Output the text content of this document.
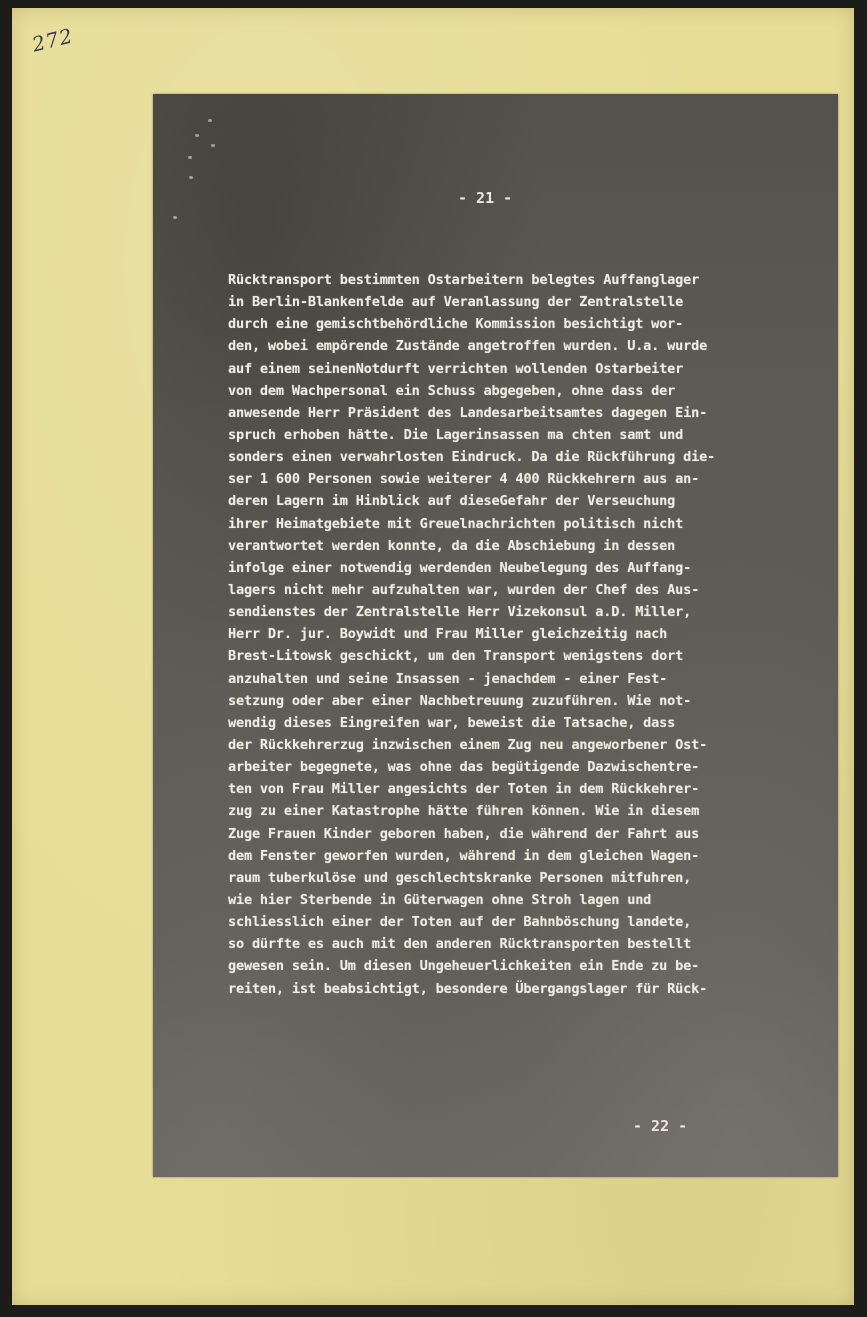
272
- 21 -
Rücktransport bestimmten Ostarbeitern belegtes Auffanglager
in Berlin-Blankenfelde auf Veranlassung der Zentralstelle
durch eine gemischtbehördliche Kommission besichtigt wor-
den, wobei empörende Zustände angetroffen wurden. U.a. wurde
auf einem seinenNotdurft verrichten wollenden Ostarbeiter
von dem Wachpersonal ein Schuss abgegeben, ohne dass der
anwesende Herr Präsident des Landesarbeitsamtes dagegen Ein-
spruch erhoben hätte. Die Lagerinsassen ma chten samt und
sonders einen verwahrlosten Eindruck. Da die Rückführung die-
ser 1 600 Personen sowie weiterer 4 400 Rückkehrern aus an-
deren Lagern im Hinblick auf dieseGefahr der Verseuchung
ihrer Heimatgebiete mit Greuelnachrichten politisch nicht
verantwortet werden konnte, da die Abschiebung in dessen
infolge einer notwendig werdenden Neubelegung des Auffang-
lagers nicht mehr aufzuhalten war, wurden der Chef des Aus-
sendienstes der Zentralstelle Herr Vizekonsul a.D. Miller,
Herr Dr. jur. Boywidt und Frau Miller gleichzeitig nach
Brest-Litowsk geschickt, um den Transport wenigstens dort
anzuhalten und seine Insassen - jenachdem - einer Fest-
setzung oder aber einer Nachbetreuung zuzuführen. Wie not-
wendig dieses Eingreifen war, beweist die Tatsache, dass
der Rückkehrerzug inzwischen einem Zug neu angeworbener Ost-
arbeiter begegnete, was ohne das begütigende Dazwischentre-
ten von Frau Miller angesichts der Toten in dem Rückkehrer-
zug zu einer Katastrophe hätte führen können. Wie in diesem
Zuge Frauen Kinder geboren haben, die während der Fahrt aus
dem Fenster geworfen wurden, während in dem gleichen Wagen-
raum tuberkulöse und geschlechtskranke Personen mitfuhren,
wie hier Sterbende in Güterwagen ohne Stroh lagen und
schliesslich einer der Toten auf der Bahnböschung landete,
so dürfte es auch mit den anderen Rücktransporten bestellt
gewesen sein. Um diesen Ungeheuerlichkeiten ein Ende zu be-
reiten, ist beabsichtigt, besondere Übergangslager für Rück-
- 22 -
